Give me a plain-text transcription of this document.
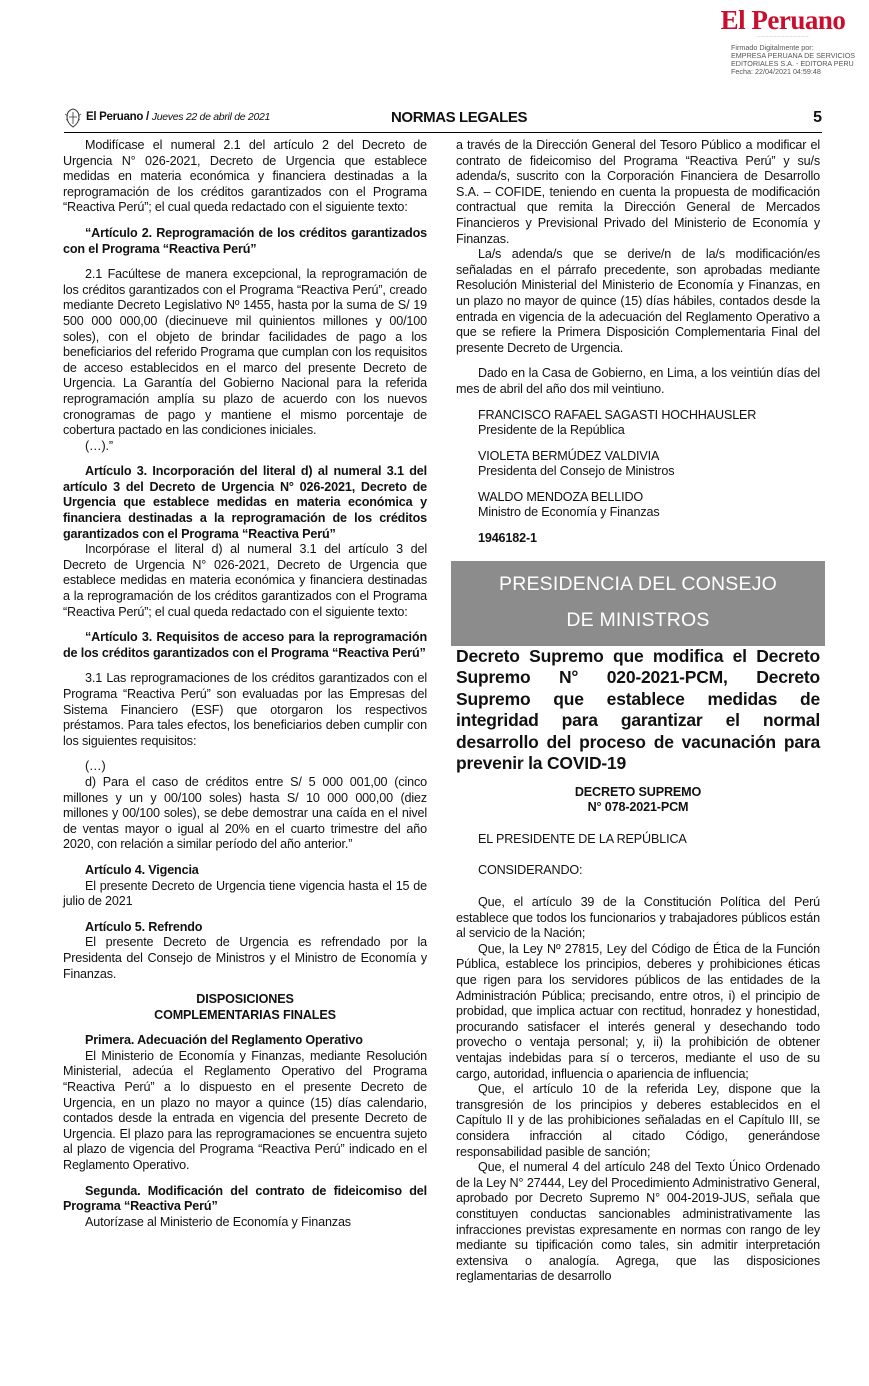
El Peruano
—————————————
Firmado Digitalmente por:
EMPRESA PERUANA DE SERVICIOS
EDITORIALES S.A. - EDITORA PERU
Fecha: 22/04/2021 04:59:48
El Peruano / Jueves 22 de abril de 2021	NORMAS LEGALES	5

Modifícase el numeral 2.1 del artículo 2 del Decreto de Urgencia N° 026-2021, Decreto de Urgencia que establece medidas en materia económica y financiera destinadas a la reprogramación de los créditos garantizados con el Programa “Reactiva Perú”; el cual queda redactado con el siguiente texto:

“Artículo 2. Reprogramación de los créditos garantizados con el Programa “Reactiva Perú”

2.1 Facúltese de manera excepcional, la reprogramación de los créditos garantizados con el Programa “Reactiva Perú”, creado mediante Decreto Legislativo Nº 1455, hasta por la suma de S/ 19 500 000 000,00 (diecinueve mil quinientos millones y 00/100 soles), con el objeto de brindar facilidades de pago a los beneficiarios del referido Programa que cumplan con los requisitos de acceso establecidos en el marco del presente Decreto de Urgencia. La Garantía del Gobierno Nacional para la referida reprogramación amplía su plazo de acuerdo con los nuevos cronogramas de pago y mantiene el mismo porcentaje de cobertura pactado en las condiciones iniciales.

(…).”

Artículo 3. Incorporación del literal d) al numeral 3.1 del artículo 3 del Decreto de Urgencia N° 026-2021, Decreto de Urgencia que establece medidas en materia económica y financiera destinadas a la reprogramación de los créditos garantizados con el Programa “Reactiva Perú”

Incorpórase el literal d) al numeral 3.1 del artículo 3 del Decreto de Urgencia N° 026-2021, Decreto de Urgencia que establece medidas en materia económica y financiera destinadas a la reprogramación de los créditos garantizados con el Programa “Reactiva Perú”; el cual queda redactado con el siguiente texto:

“Artículo 3. Requisitos de acceso para la reprogramación de los créditos garantizados con el Programa “Reactiva Perú”

3.1 Las reprogramaciones de los créditos garantizados con el Programa “Reactiva Perú” son evaluadas por las Empresas del Sistema Financiero (ESF) que otorgaron los respectivos préstamos. Para tales efectos, los beneficiarios deben cumplir con los siguientes requisitos:

(…)

d) Para el caso de créditos entre S/ 5 000 001,00 (cinco millones y un y 00/100 soles) hasta S/ 10 000 000,00 (diez millones y 00/100 soles), se debe demostrar una caída en el nivel de ventas mayor o igual al 20% en el cuarto trimestre del año 2020, con relación a similar período del año anterior.”

Artículo 4. Vigencia

El presente Decreto de Urgencia tiene vigencia hasta el 15 de julio de 2021

Artículo 5. Refrendo

El presente Decreto de Urgencia es refrendado por la Presidenta del Consejo de Ministros y el Ministro de Economía y Finanzas.

DISPOSICIONES

COMPLEMENTARIAS FINALES

Primera. Adecuación del Reglamento Operativo

El Ministerio de Economía y Finanzas, mediante Resolución Ministerial, adecúa el Reglamento Operativo del Programa “Reactiva Perú” a lo dispuesto en el presente Decreto de Urgencia, en un plazo no mayor a quince (15) días calendario, contados desde la entrada en vigencia del presente Decreto de Urgencia. El plazo para las reprogramaciones se encuentra sujeto al plazo de vigencia del Programa “Reactiva Perú” indicado en el Reglamento Operativo.

Segunda. Modificación del contrato de fideicomiso del Programa “Reactiva Perú”

Autorízase al Ministerio de Economía y Finanzas

a través de la Dirección General del Tesoro Público a modificar el contrato de fideicomiso del Programa “Reactiva Perú” y su/s adenda/s, suscrito con la Corporación Financiera de Desarrollo S.A. – COFIDE, teniendo en cuenta la propuesta de modificación contractual que remita la Dirección General de Mercados Financieros y Previsional Privado del Ministerio de Economía y Finanzas.

La/s adenda/s que se derive/n de la/s modificación/es señaladas en el párrafo precedente, son aprobadas mediante Resolución Ministerial del Ministerio de Economía y Finanzas, en un plazo no mayor de quince (15) días hábiles, contados desde la entrada en vigencia de la adecuación del Reglamento Operativo a que se refiere la Primera Disposición Complementaria Final del presente Decreto de Urgencia.

Dado en la Casa de Gobierno, en Lima, a los veintiún días del mes de abril del año dos mil veintiuno.

FRANCISCO RAFAEL SAGASTI HOCHHAUSLER

Presidente de la República

VIOLETA BERMÚDEZ VALDIVIA

Presidenta del Consejo de Ministros

WALDO MENDOZA BELLIDO

Ministro de Economía y Finanzas

1946182-1

PRESIDENCIA DEL CONSEJO
DE MINISTROS

Decreto Supremo que modifica el Decreto Supremo N° 020-2021-PCM, Decreto Supremo que establece medidas de integridad para garantizar el normal desarrollo del proceso de vacunación para prevenir la COVID-19

DECRETO SUPREMO

N° 078-2021-PCM

EL PRESIDENTE DE LA REPÚBLICA

CONSIDERANDO:

Que, el artículo 39 de la Constitución Política del Perú establece que todos los funcionarios y trabajadores públicos están al servicio de la Nación;

Que, la Ley Nº 27815, Ley del Código de Ética de la Función Pública, establece los principios, deberes y prohibiciones éticas que rigen para los servidores públicos de las entidades de la Administración Pública; precisando, entre otros, i) el principio de probidad, que implica actuar con rectitud, honradez y honestidad, procurando satisfacer el interés general y desechando todo provecho o ventaja personal; y, ii) la prohibición de obtener ventajas indebidas para sí o terceros, mediante el uso de su cargo, autoridad, influencia o apariencia de influencia;

Que, el artículo 10 de la referida Ley, dispone que la transgresión de los principios y deberes establecidos en el Capítulo II y de las prohibiciones señaladas en el Capítulo III, se considera infracción al citado Código, generándose responsabilidad pasible de sanción;

Que, el numeral 4 del artículo 248 del Texto Único Ordenado de la Ley N° 27444, Ley del Procedimiento Administrativo General, aprobado por Decreto Supremo N° 004-2019-JUS, señala que constituyen conductas sancionables administrativamente las infracciones previstas expresamente en normas con rango de ley mediante su tipificación como tales, sin admitir interpretación extensiva o analogía. Agrega, que las disposiciones reglamentarias de desarrollo
